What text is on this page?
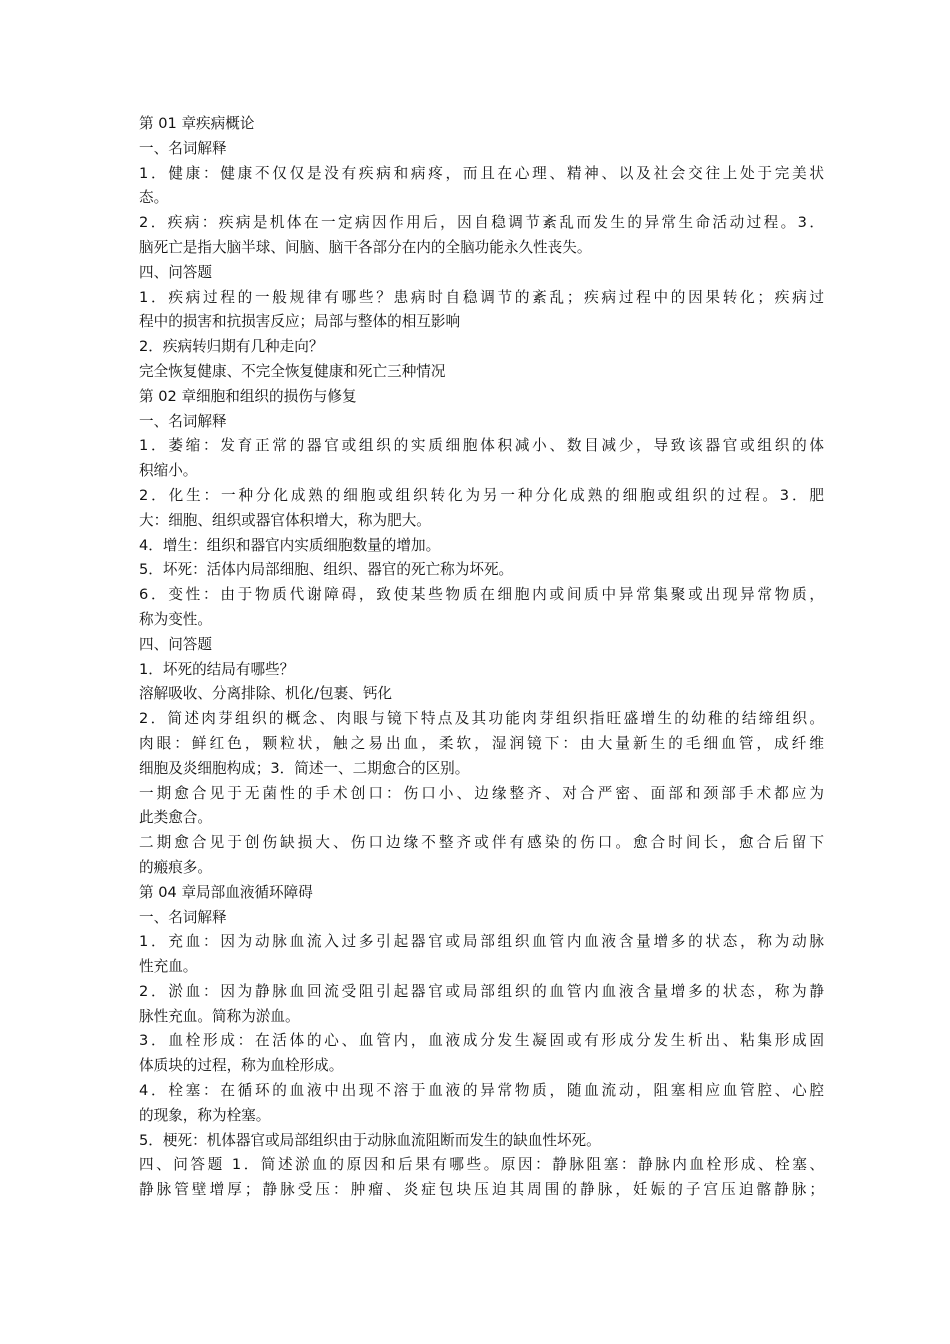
第 01 章疾病概论
一、名词解释
1．健康：健康不仅仅是没有疾病和病疼，而且在心理、精神、以及社会交往上处于完美状
态。
2．疾病：疾病是机体在一定病因作用后，因自稳调节紊乱而发生的异常生命活动过程。3．
脑死亡是指大脑半球、间脑、脑干各部分在内的全脑功能永久性丧失。
四、问答题
1．疾病过程的一般规律有哪些？患病时自稳调节的紊乱；疾病过程中的因果转化；疾病过
程中的损害和抗损害反应；局部与整体的相互影响
2．疾病转归期有几种走向？
完全恢复健康、不完全恢复健康和死亡三种情况
第 02 章细胞和组织的损伤与修复
一、名词解释
1．萎缩：发育正常的器官或组织的实质细胞体积减小、数目减少，导致该器官或组织的体
积缩小。
2．化生：一种分化成熟的细胞或组织转化为另一种分化成熟的细胞或组织的过程。3．肥
大：细胞、组织或器官体积增大，称为肥大。
4．增生：组织和器官内实质细胞数量的增加。
5．坏死：活体内局部细胞、组织、器官的死亡称为坏死。
6．变性：由于物质代谢障碍，致使某些物质在细胞内或间质中异常集聚或出现异常物质，
称为变性。
四、问答题
1．坏死的结局有哪些？
溶解吸收、分离排除、机化/包裹、钙化
2．简述肉芽组织的概念、肉眼与镜下特点及其功能肉芽组织指旺盛增生的幼稚的结缔组织。
肉眼：鲜红色，颗粒状，触之易出血，柔软，湿润镜下：由大量新生的毛细血管，成纤维
细胞及炎细胞构成；3．简述一、二期愈合的区别。
一期愈合见于无菌性的手术创口：伤口小、边缘整齐、对合严密、面部和颈部手术都应为
此类愈合。
二期愈合见于创伤缺损大、伤口边缘不整齐或伴有感染的伤口。愈合时间长，愈合后留下
的瘢痕多。
第 04 章局部血液循环障碍
一、名词解释
1．充血：因为动脉血流入过多引起器官或局部组织血管内血液含量增多的状态，称为动脉
性充血。
2．淤血：因为静脉血回流受阻引起器官或局部组织的血管内血液含量增多的状态，称为静
脉性充血。简称为淤血。
3．血栓形成：在活体的心、血管内，血液成分发生凝固或有形成分发生析出、粘集形成固
体质块的过程，称为血栓形成。
4．栓塞：在循环的血液中出现不溶于血液的异常物质，随血流动，阻塞相应血管腔、心腔
的现象，称为栓塞。
5．梗死：机体器官或局部组织由于动脉血流阻断而发生的缺血性坏死。
四、问答题 1．简述淤血的原因和后果有哪些。原因：静脉阻塞：静脉内血栓形成、栓塞、
静脉管壁增厚；静脉受压：肿瘤、炎症包块压迫其周围的静脉，妊娠的子宫压迫髂静脉；
